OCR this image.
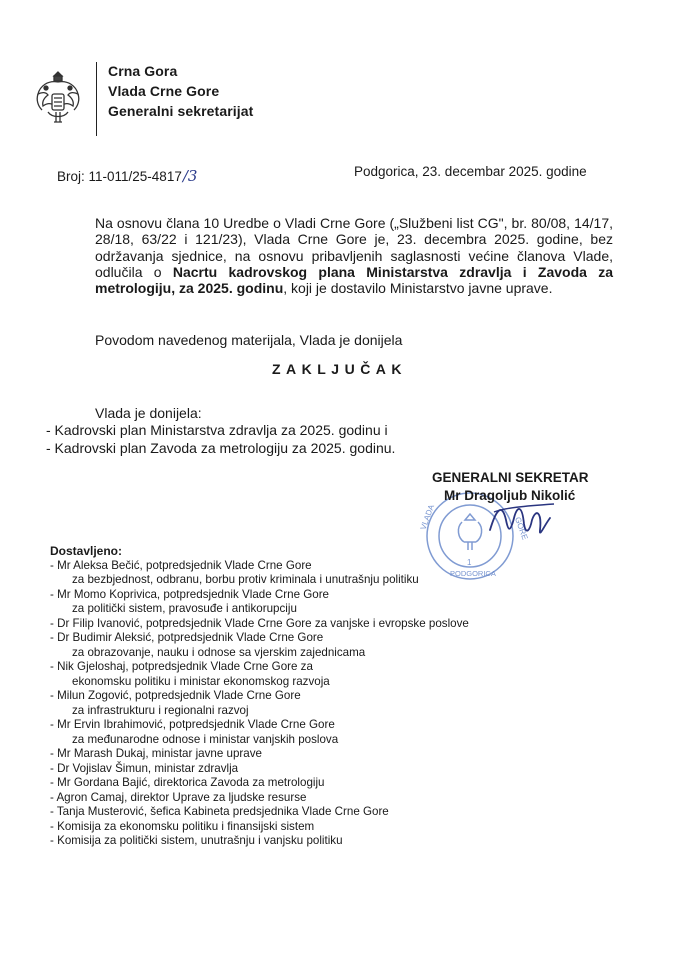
Crna Gora
Vlada Crne Gore
Generalni sekretarijat
Broj: 11-011/25-4817/3	Podgorica, 23. decembar 2025. godine
Na osnovu člana 10 Uredbe o Vladi Crne Gore („Službeni list CG", br. 80/08, 14/17, 28/18, 63/22 i 121/23), Vlada Crne Gore je, 23. decembra 2025. godine, bez održavanja sjednice, na osnovu pribavljenih saglasnosti većine članova Vlade, odlučila o Nacrtu kadrovskog plana Ministarstva zdravlja i Zavoda za metrologiju, za 2025. godinu, koji je dostavilo Ministarstvo javne uprave.
Povodom navedenog materijala, Vlada je donijela
ZAKLJUČAK
Vlada je donijela:
- Kadrovski plan Ministarstva zdravlja za 2025. godinu i
- Kadrovski plan Zavoda za metrologiju za 2025. godinu.
VLADA	GORE
1
PODGORICA
GENERALNI SEKRETAR
Mr Dragoljub Nikolić
Dostavljeno:
- Mr Aleksa Bečić, potpredsjednik Vlade Crne Gore
za bezbjednost, odbranu, borbu protiv kriminala i unutrašnju politiku
- Mr Momo Koprivica, potpredsjednik Vlade Crne Gore
za politički sistem, pravosuđe i antikorupciju
- Dr Filip Ivanović, potpredsjednik Vlade Crne Gore za vanjske i evropske poslove
- Dr Budimir Aleksić, potpredsjednik Vlade Crne Gore
za obrazovanje, nauku i odnose sa vjerskim zajednicama
- Nik Gjeloshaj, potpredsjednik Vlade Crne Gore za
ekonomsku politiku i ministar ekonomskog razvoja
- Milun Zogović, potpredsjednik Vlade Crne Gore
za infrastrukturu i regionalni razvoj
- Mr Ervin Ibrahimović, potpredsjednik Vlade Crne Gore
za međunarodne odnose i ministar vanjskih poslova
- Mr Marash Dukaj, ministar javne uprave
- Dr Vojislav Šimun, ministar zdravlja
- Mr Gordana Bajić, direktorica Zavoda za metrologiju
- Agron Camaj, direktor Uprave za ljudske resurse
- Tanja Musterović, šefica Kabineta predsjednika Vlade Crne Gore
- Komisija za ekonomsku politiku i finansijski sistem
- Komisija za politički sistem, unutrašnju i vanjsku politiku
